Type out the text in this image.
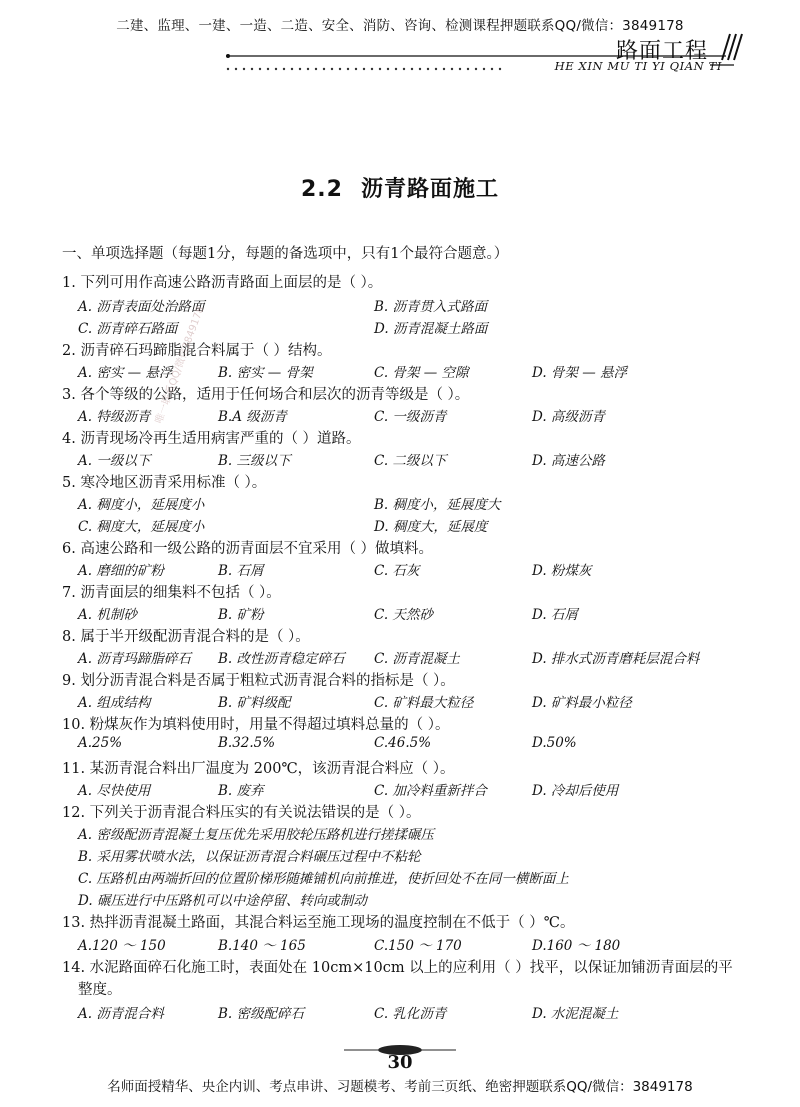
二建、监理、一建、一造、二造、安全、消防、咨询、检测课程押题联系QQ/微信：3849178
路面工程
HE XIN MU TI YI QIAN TI
2.2 沥青路面施工
一、单项选择题（每题1分，每题的备选项中，只有1个最符合题意。）
1. 下列可用作高速公路沥青路面上面层的是（ ）。
A. 沥青表面处治路面	B. 沥青贯入式路面
C. 沥青碎石路面	D. 沥青混凝土路面
2. 沥青碎石玛蹄脂混合料属于（ ）结构。
A. 密实 — 悬浮	B. 密实 — 骨架	C. 骨架 — 空隙	D. 骨架 — 悬浮
3. 各个等级的公路，适用于任何场合和层次的沥青等级是（ ）。
A. 特级沥青	B.A 级沥青	C. 一级沥青	D. 高级沥青
4. 沥青现场冷再生适用病害严重的（ ）道路。
A. 一级以下	B. 三级以下	C. 二级以下	D. 高速公路
5. 寒冷地区沥青采用标准（ ）。
A. 稠度小，延展度小	B. 稠度小，延展度大
C. 稠度大，延展度小	D. 稠度大，延展度
6. 高速公路和一级公路的沥青面层不宜采用（ ）做填料。
A. 磨细的矿粉	B. 石屑	C. 石灰	D. 粉煤灰
7. 沥青面层的细集料不包括（ ）。
A. 机制砂	B. 矿粉	C. 天然砂	D. 石屑
8. 属于半开级配沥青混合料的是（ ）。
A. 沥青玛蹄脂碎石 B. 改性沥青稳定碎石 C. 沥青混凝土	D. 排水式沥青磨耗层混合料
9. 划分沥青混合料是否属于粗粒式沥青混合料的指标是（ ）。
A. 组成结构	B. 矿料级配	C. 矿料最大粒径	D. 矿料最小粒径
10. 粉煤灰作为填料使用时，用量不得超过填料总量的（ ）。
A.25%	B.32.5%	C.46.5%	D.50%
11. 某沥青混合料出厂温度为 200℃，该沥青混合料应（ ）。
A. 尽快使用	B. 废弃	C. 加冷料重新拌合	D. 冷却后使用
12. 下列关于沥青混合料压实的有关说法错误的是（ ）。
A. 密级配沥青混凝土复压优先采用胶轮压路机进行搓揉碾压
B. 采用雾状喷水法，以保证沥青混合料碾压过程中不粘轮
C. 压路机由两端折回的位置阶梯形随摊铺机向前推进，使折回处不在同一横断面上
D. 碾压进行中压路机可以中途停留、转向或制动
13. 热拌沥青混凝土路面，其混合料运至施工现场的温度控制在不低于（ ）℃。
A.120 ～ 150	B.140 ～ 165	C.150 ～ 170	D.160 ～ 180
14. 水泥路面碎石化施工时，表面处在 10cm×10cm 以上的应利用（ ）找平，以保证加铺沥青面层的平
整度。
A. 沥青混合料	B. 密级配碎石	C. 乳化沥青	D. 水泥混凝土
唯一联系QQ/微信3849178
30
名师面授精华、央企内训、考点串讲、习题模考、考前三页纸、绝密押题联系QQ/微信：3849178
